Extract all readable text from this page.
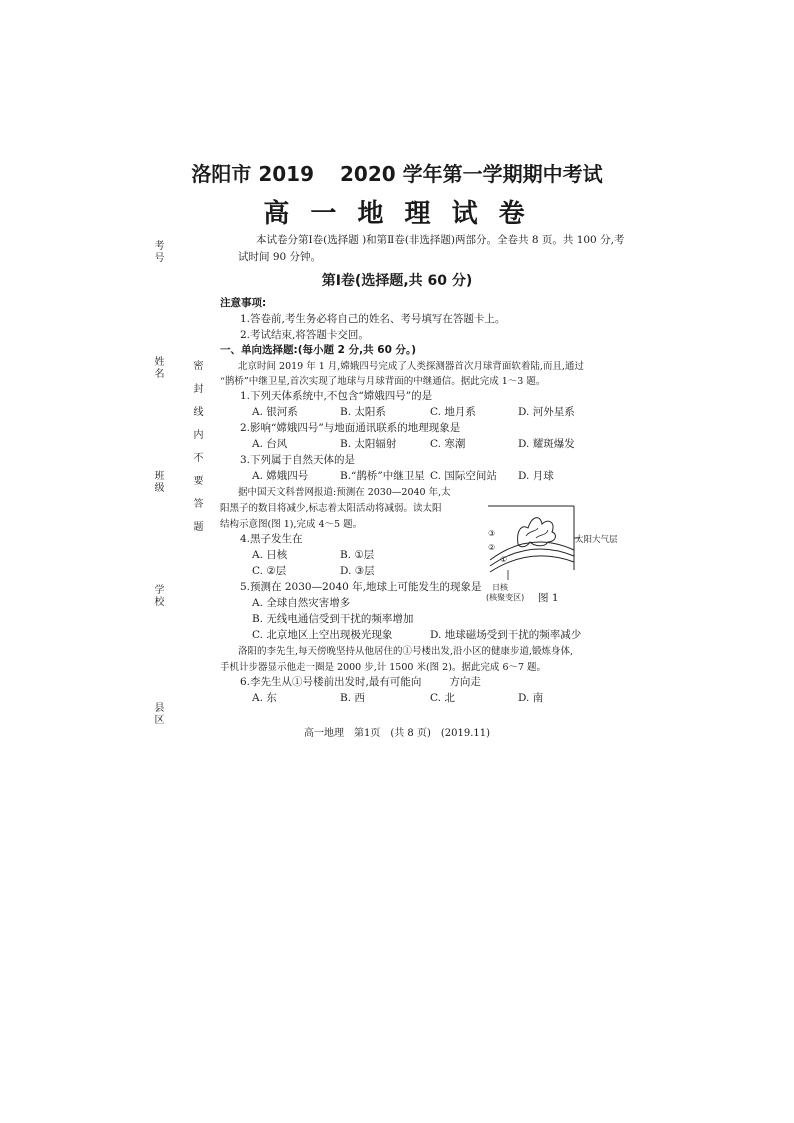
考号
姓名
班级
学校
县区
密封线内不要答题
洛阳市 2019 2020 学年第一学期期中考试
高 一 地 理 试 卷
本试卷分第Ⅰ卷(选择题 )和第Ⅱ卷(非选择题)两部分。全卷共 8 页。共 100 分,考
试时间 90 分钟。
第Ⅰ卷(选择题,共 60 分)
注意事项:
1.答卷前,考生务必将自己的姓名、考号填写在答题卡上。
2.考试结束,将答题卡交回。
一、单向选择题:(每小题 2 分,共 60 分。)
北京时间 2019 年 1 月,嫦娥四号完成了人类探测器首次月球背面软着陆,而且,通过
“鹊桥”中继卫星,首次实现了地球与月球背面的中继通信。据此完成 1～3 题。
1.下列天体系统中,不包含“嫦娥四号”的是
A. 银河系	B. 太阳系	C. 地月系	D. 河外星系
2.影响“嫦娥四号”与地面通讯联系的地理现象是
A. 台风	B. 太阳辐射	C. 寒潮	D. 耀斑爆发
3.下列属于自然天体的是
A. 嫦娥四号	B.“鹊桥”中继卫星 C. 国际空间站 D. 月球
据中国天文科普网报道:预测在 2030—2040 年,太
阳黑子的数目将减少,标志着太阳活动将减弱。读太阳
结构示意图(图 1),完成 4～5 题。
4.黑子发生在
A. 日核	B. ①层
C. ②层	D. ③层
5.预测在 2030—2040 年,地球上可能发生的现象是
A. 全球自然灾害增多
B. 无线电通信受到干扰的频率增加
C. 北京地区上空出现极光现象	D. 地球磁场受到干扰的频率减少
③
②
①
日核
(核聚变区)
太阳大气层
图 1
洛阳的李先生,每天傍晚坚持从他居住的①号楼出发,沿小区的健康步道,锻炼身体,
手机计步器显示他走一圈是 2000 步,计 1500 米(图 2)。据此完成 6～7 题。
6.李先生从①号楼前出发时,最有可能向	方向走
A. 东	B. 西	C. 北	D. 南
高一地理　第1页　(共 8 页)　(2019.11)
